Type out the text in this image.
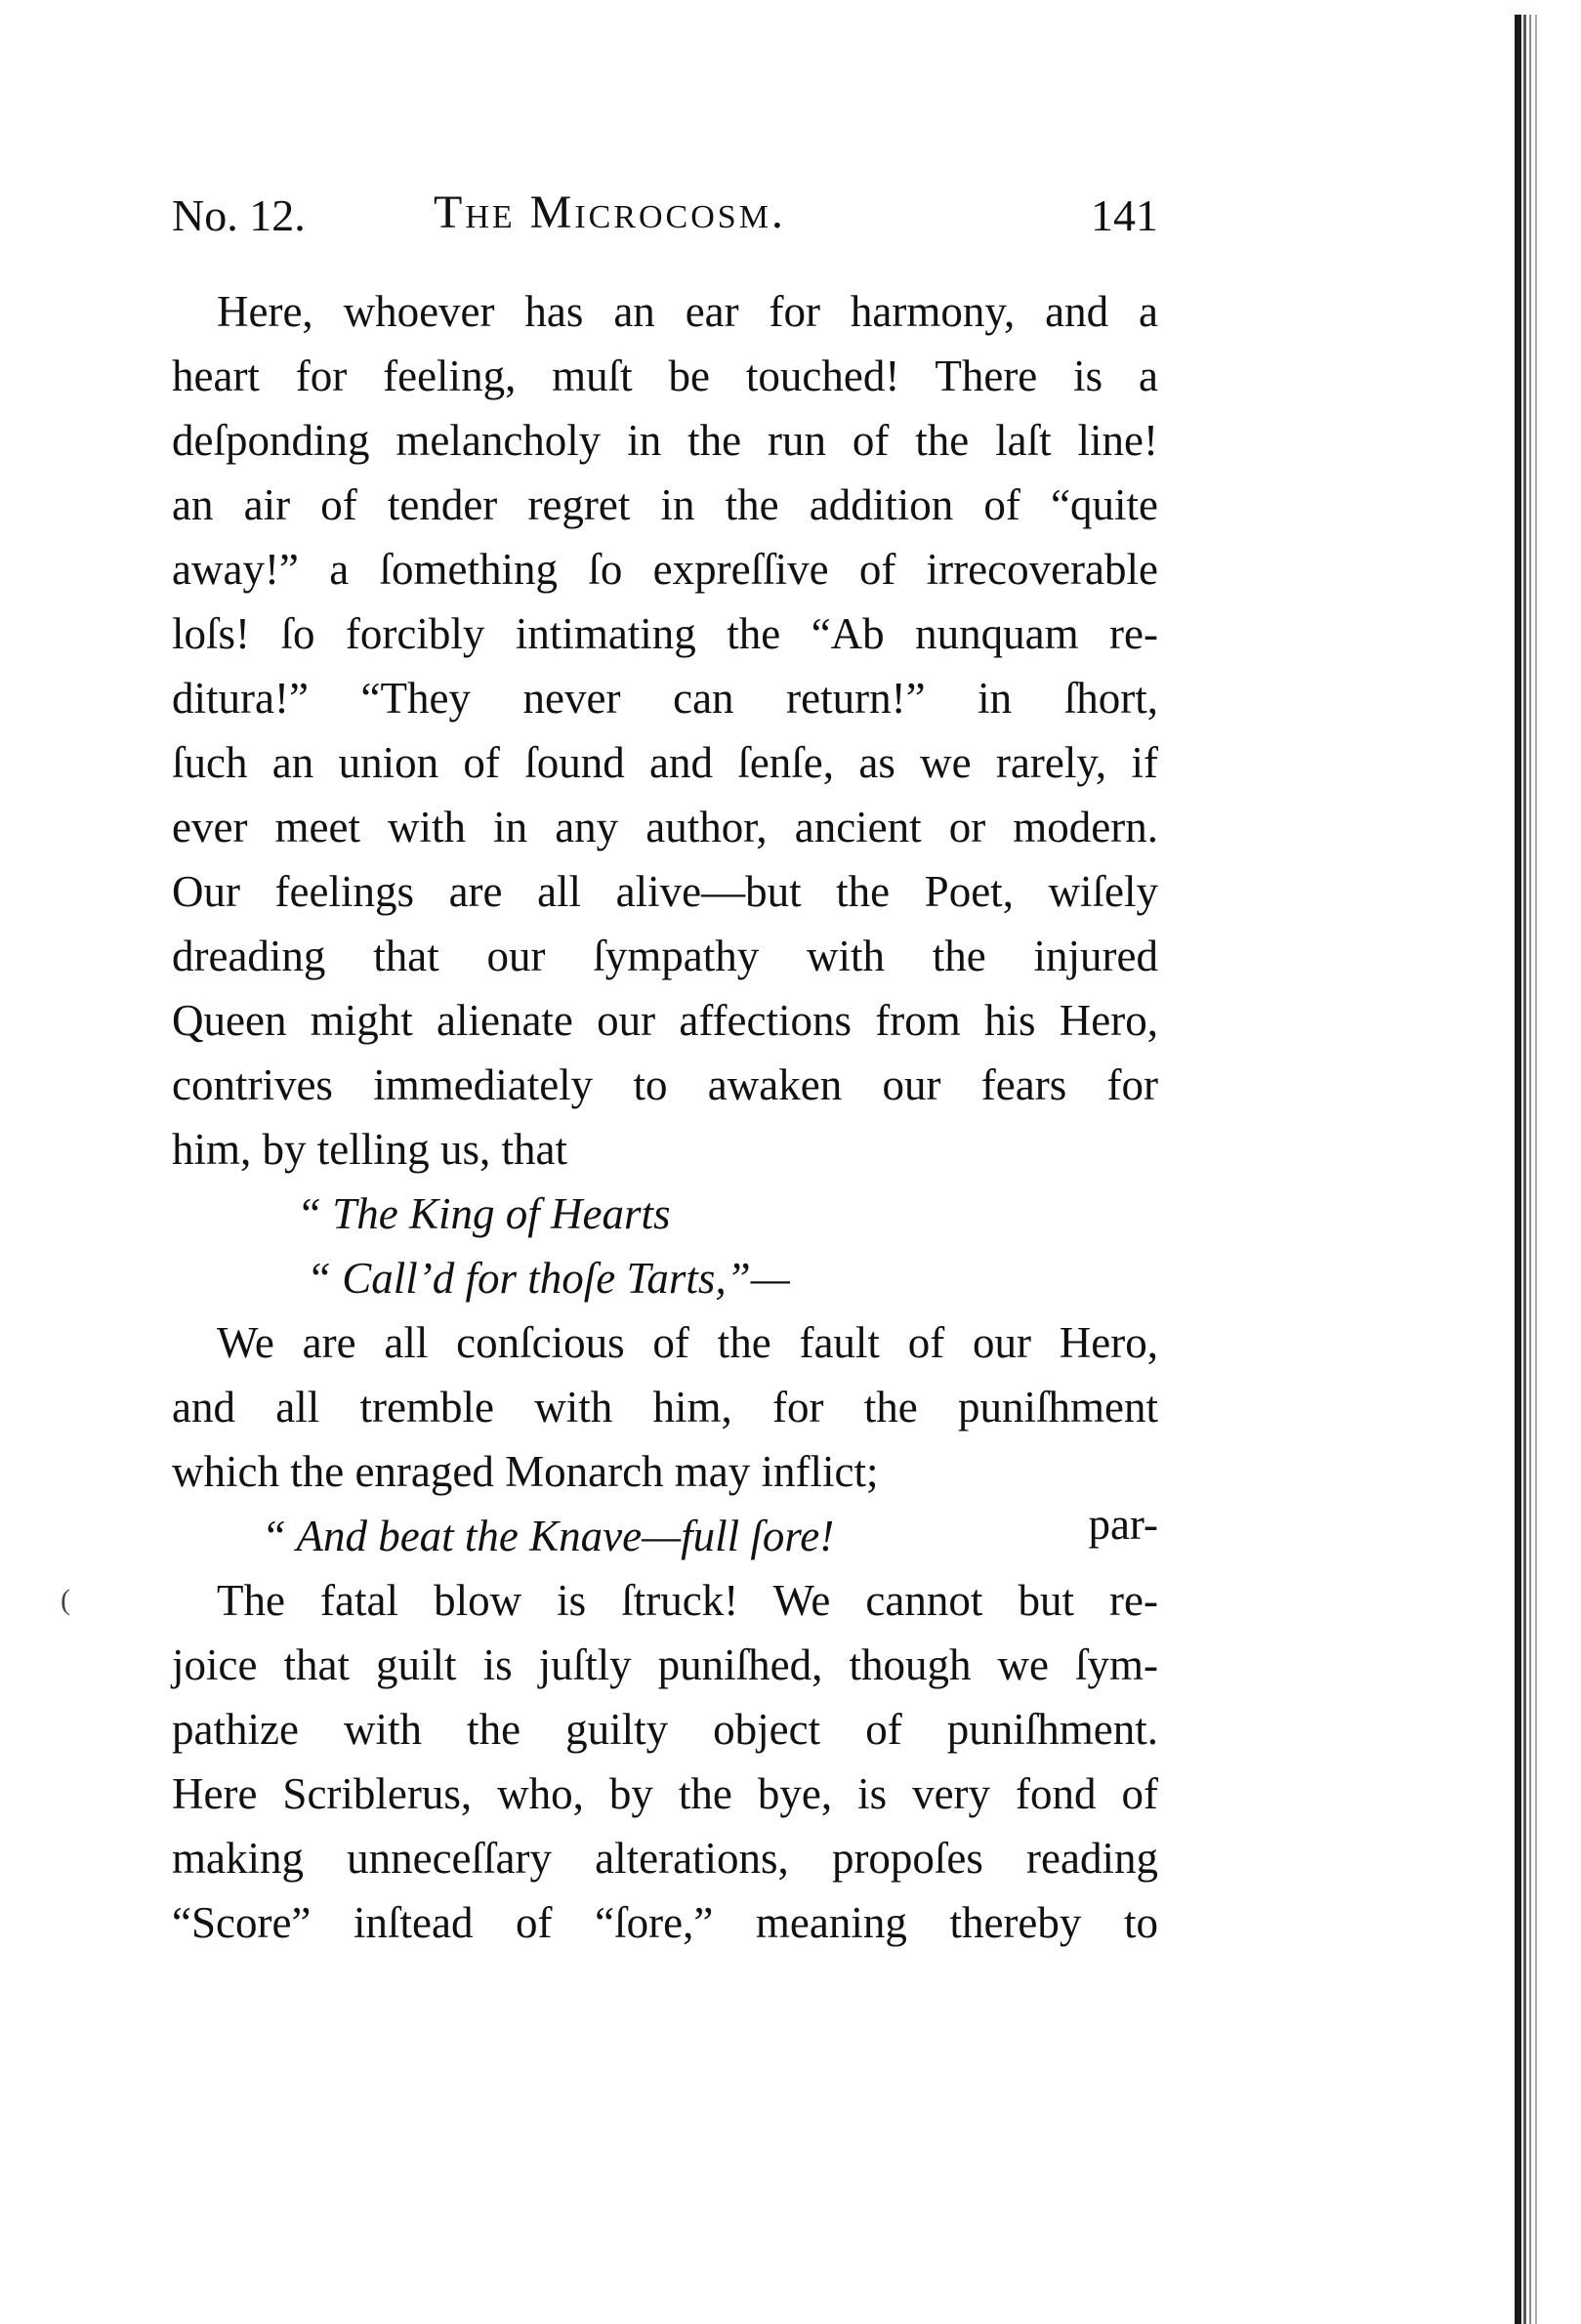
No. 12.	The Microcosm.	141
Here, whoever has an ear for harmony, and a
heart for feeling, muſt be touched! There is a
deſponding melancholy in the run of the laſt line!
an air of tender regret in the addition of “quite
away!” a ſomething ſo expreſſive of irrecoverable
loſs! ſo forcibly intimating the “Ab nunquam re-
ditura!” “They never can return!” in ſhort,
ſuch an union of ſound and ſenſe, as we rarely, if
ever meet with in any author, ancient or modern.
Our feelings are all alive—but the Poet, wiſely
dreading that our ſympathy with the injured
Queen might alienate our affections from his Hero,
contrives immediately to awaken our fears for
him, by telling us, that
“ The King of Hearts
“ Call’d for thoſe Tarts,”—
We are all conſcious of the fault of our Hero,
and all tremble with him, for the puniſhment
which the enraged Monarch may inflict;
“ And beat the Knave—full ſore!
The fatal blow is ſtruck! We cannot but re-
joice that guilt is juſtly puniſhed, though we ſym-
pathize with the guilty object of puniſhment.
Here Scriblerus, who, by the bye, is very fond of
making unneceſſary alterations, propoſes reading
“Score” inſtead of “ſore,” meaning thereby to
par-
(
